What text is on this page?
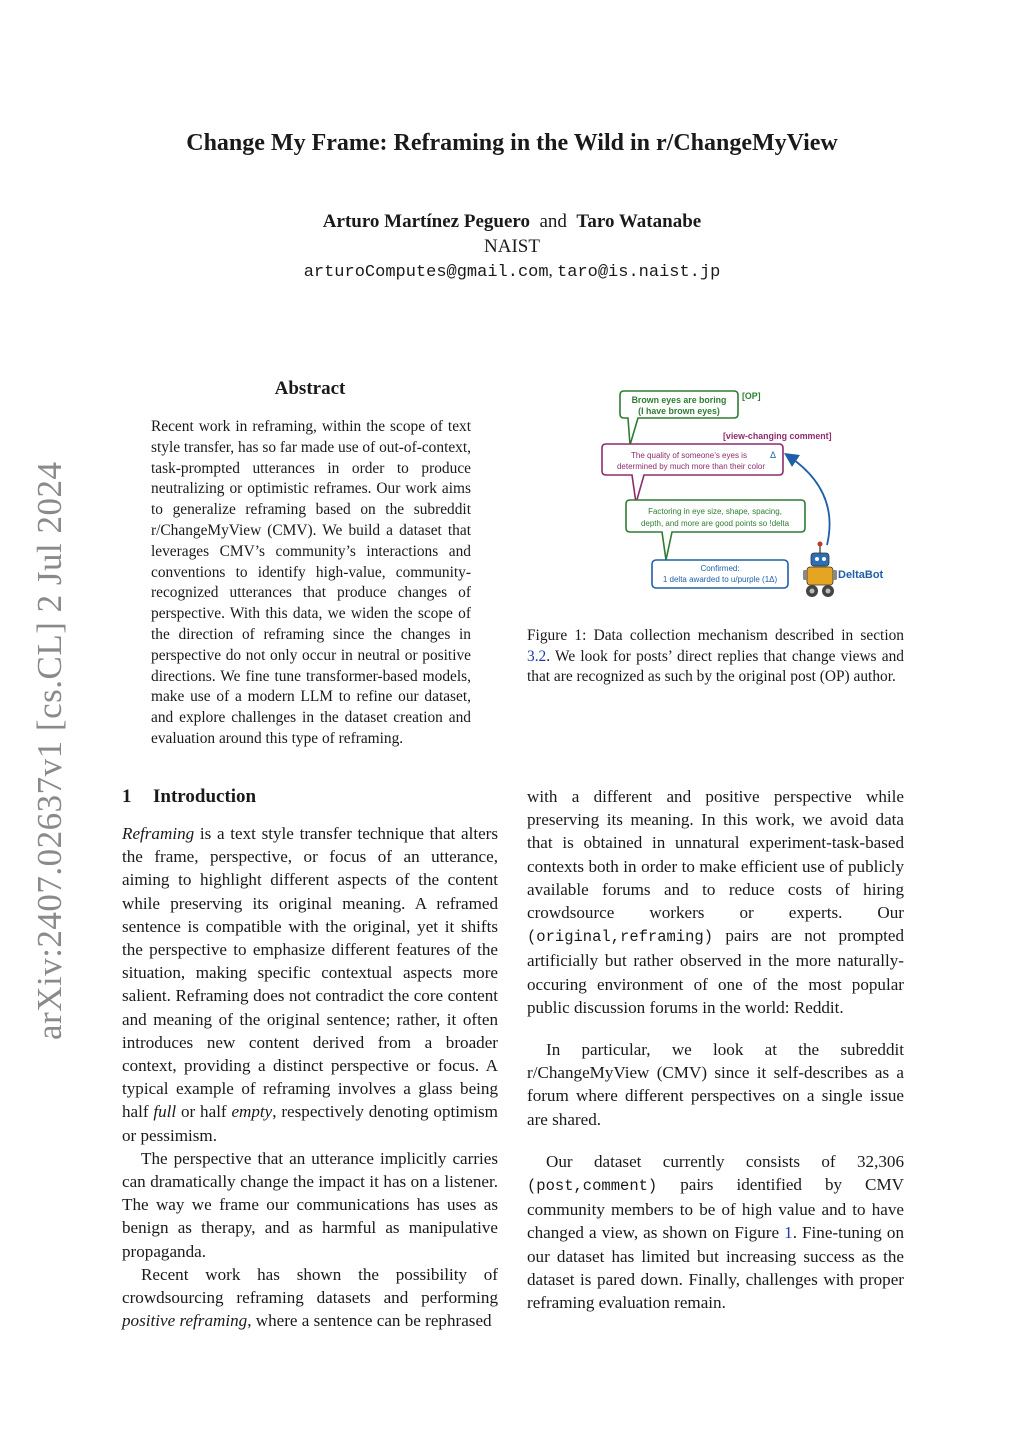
arXiv:2407.02637v1 [cs.CL] 2 Jul 2024
Change My Frame: Reframing in the Wild in r/ChangeMyView
Arturo Martínez Peguero and Taro Watanabe
NAIST
arturoComputes@gmail.com, taro@is.naist.jp
Abstract
Recent work in reframing, within the scope of text style transfer, has so far made use of out-of-context, task-prompted utterances in order to produce neutralizing or optimistic reframes. Our work aims to generalize reframing based on the subreddit r/ChangeMyView (CMV). We build a dataset that leverages CMV’s community’s interactions and conventions to identify high-value, community-recognized utterances that produce changes of perspective. With this data, we widen the scope of the direction of reframing since the changes in perspective do not only occur in neutral or positive directions. We fine tune transformer-based models, make use of a modern LLM to refine our dataset, and explore challenges in the dataset creation and evaluation around this type of reframing.
Brown eyes are boring
(I have brown eyes)
[OP]
[view-changing comment]
The quality of someone’s eyes is
determined by much more than their color
Δ
Factoring in eye size, shape, spacing,
depth, and more are good points so !delta
Confirmed:
1 delta awarded to u/purple (1Δ)	DeltaBot
Figure 1: Data collection mechanism described in section 3.2. We look for posts’ direct replies that change views and that are recognized as such by the original post (OP) author.
1 Introduction

Reframing is a text style transfer technique that alters the frame, perspective, or focus of an utterance, aiming to highlight different aspects of the content while preserving its original meaning. A reframed sentence is compatible with the original, yet it shifts the perspective to emphasize different features of the situation, making specific contextual aspects more salient. Reframing does not contradict the core content and meaning of the original sentence; rather, it often introduces new content derived from a broader context, providing a distinct perspective or focus. A typical example of reframing involves a glass being half full or half empty, respectively denoting optimism or pessimism.

The perspective that an utterance implicitly carries can dramatically change the impact it has on a listener. The way we frame our communications has uses as benign as therapy, and as harmful as manipulative propaganda.

Recent work has shown the possibility of crowdsourcing reframing datasets and performing positive reframing, where a sentence can be rephrased

with a different and positive perspective while preserving its meaning. In this work, we avoid data that is obtained in unnatural experiment-task-based contexts both in order to make efficient use of publicly available forums and to reduce costs of hiring crowdsource workers or experts. Our (original,reframing) pairs are not prompted artificially but rather observed in the more naturally-occuring environment of one of the most popular public discussion forums in the world: Reddit.

In particular, we look at the subreddit r/ChangeMyView (CMV) since it self-describes as a forum where different perspectives on a single issue are shared.

Our dataset currently consists of 32,306 (post,comment) pairs identified by CMV community members to be of high value and to have changed a view, as shown on Figure 1. Fine-tuning on our dataset has limited but increasing success as the dataset is pared down. Finally, challenges with proper reframing evaluation remain.
